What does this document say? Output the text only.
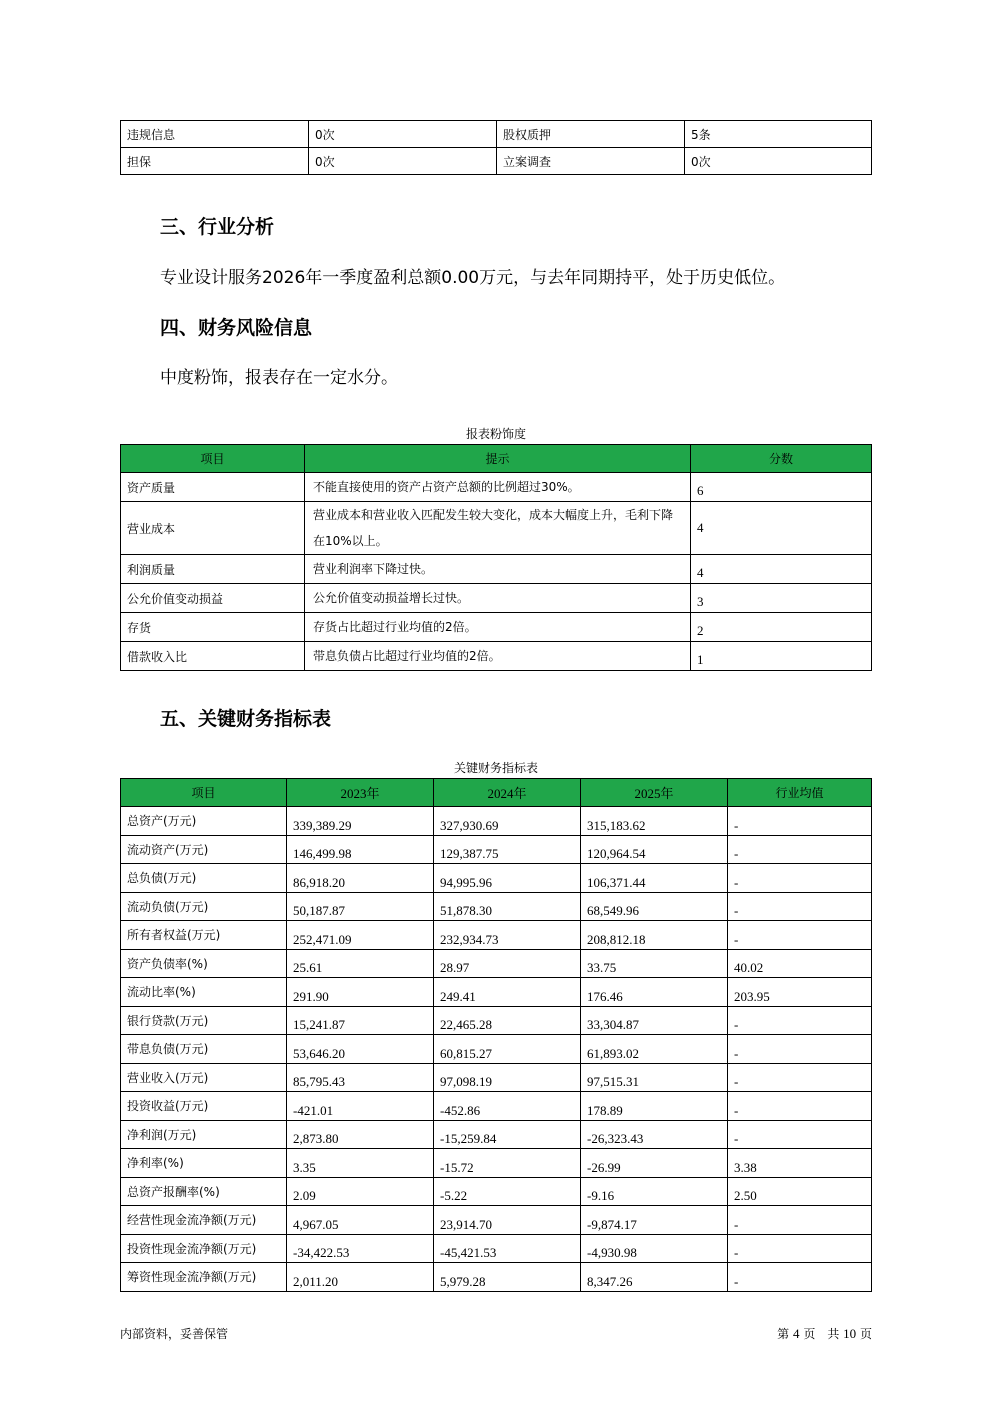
违规信息	0次	股权质押	5条
担保	0次	立案调查	0次
三、行业分析

专业设计服务2026年一季度盈利总额0.00万元，与去年同期持平，处于历史低位。

四、财务风险信息

中度粉饰，报表存在一定水分。

报表粉饰度

项目	提示	分数
资产质量	不能直接使用的资产占资产总额的比例超过30%。	6
营业成本	营业成本和营业收入匹配发生较大变化，成本大幅度上升，毛利下降在10%以上。	4
利润质量	营业利润率下降过快。	4
公允价值变动损益	公允价值变动损益增长过快。	3
存货	存货占比超过行业均值的2倍。	2
借款收入比	带息负债占比超过行业均值的2倍。	1
五、关键财务指标表

关键财务指标表

项目	2023年	2024年	2025年	行业均值
总资产(万元)	339,389.29	327,930.69	315,183.62	-
流动资产(万元)	146,499.98	129,387.75	120,964.54	-
总负债(万元)	86,918.20	94,995.96	106,371.44	-
流动负债(万元)	50,187.87	51,878.30	68,549.96	-
所有者权益(万元)	252,471.09	232,934.73	208,812.18	-
资产负债率(%)	25.61	28.97	33.75	40.02
流动比率(%)	291.90	249.41	176.46	203.95
银行贷款(万元)	15,241.87	22,465.28	33,304.87	-
带息负债(万元)	53,646.20	60,815.27	61,893.02	-
营业收入(万元)	85,795.43	97,098.19	97,515.31	-
投资收益(万元)	-421.01	-452.86	178.89	-
净利润(万元)	2,873.80	-15,259.84	-26,323.43	-
净利率(%)	3.35	-15.72	-26.99	3.38
总资产报酬率(%)	2.09	-5.22	-9.16	2.50
经营性现金流净额(万元)	4,967.05	23,914.70	-9,874.17	-
投资性现金流净额(万元)	-34,422.53	-45,421.53	-4,930.98	-
筹资性现金流净额(万元)	2,011.20	5,979.28	8,347.26	-

内部资料，妥善保管	第 4 页　共 10 页
